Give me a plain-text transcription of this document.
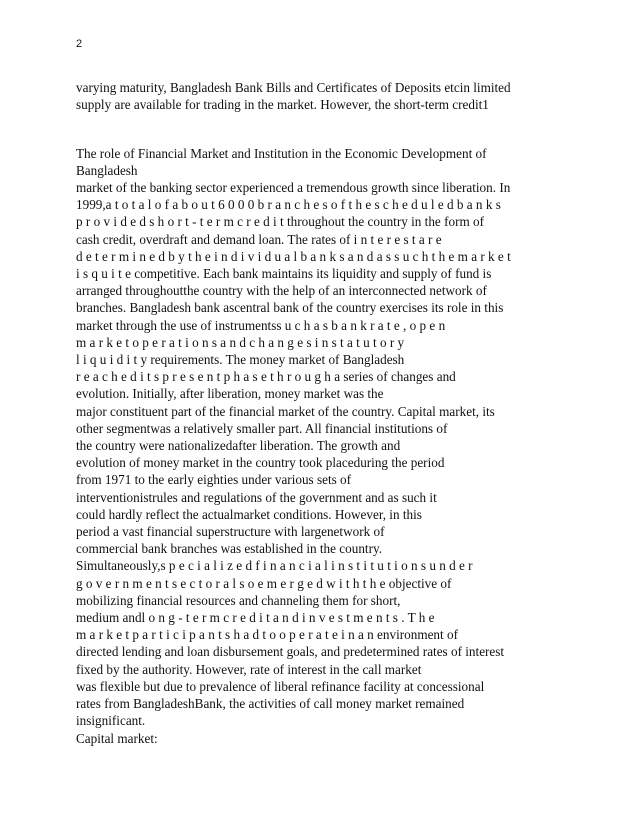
2
varying maturity, Bangladesh Bank Bills and Certificates of Deposits etcin limited
supply are available for trading in the market. However, the short-term credit1
The role of Financial Market and Institution in the Economic Development of
Bangladesh
market of the banking sector experienced a tremendous growth since liberation. In
1999,a t o t a l o f a b o u t 6 0 0 0 b r a n c h e s o f t h e s c h e d u l e d b a n k s
p r o v i d e d s h o r t - t e r m c r e d i t throughout the country in the form of
cash credit, overdraft and demand loan. The rates of i n t e r e s t a r e
d e t e r m i n e d b y t h e i n d i v i d u a l b a n k s a n d a s s u c h t h e m a r k e t
i s q u i t e competitive. Each bank maintains its liquidity and supply of fund is
arranged throughoutthe country with the help of an interconnected network of
branches. Bangladesh bank ascentral bank of the country exercises its role in this
market through the use of instrumentss u c h a s b a n k r a t e , o p e n
m a r k e t o p e r a t i o n s a n d c h a n g e s i n s t a t u t o r y
l i q u i d i t y requirements. The money market of Bangladesh
r e a c h e d i t s p r e s e n t p h a s e t h r o u g h a series of changes and
evolution. Initially, after liberation, money market was the
major constituent part of the financial market of the country. Capital market, its
other segmentwas a relatively smaller part. All financial institutions of
the country were nationalizedafter liberation. The growth and
evolution of money market in the country took placeduring the period
from 1971 to the early eighties under various sets of
interventionistrules and regulations of the government and as such it
could hardly reflect the actualmarket conditions. However, in this
period a vast financial superstructure with largenetwork of
commercial bank branches was established in the country.
Simultaneously,s p e c i a l i z e d f i n a n c i a l i n s t i t u t i o n s u n d e r
g o v e r n m e n t s e c t o r a l s o e m e r g e d w i t h t h e objective of
mobilizing financial resources and channeling them for short,
medium andl o n g - t e r m c r e d i t a n d i n v e s t m e n t s . T h e
m a r k e t p a r t i c i p a n t s h a d t o o p e r a t e i n a n environment of
directed lending and loan disbursement goals, and predetermined rates of interest
fixed by the authority. However, rate of interest in the call market
was flexible but due to prevalence of liberal refinance facility at concessional
rates from BangladeshBank, the activities of call money market remained
insignificant.
Capital market:
